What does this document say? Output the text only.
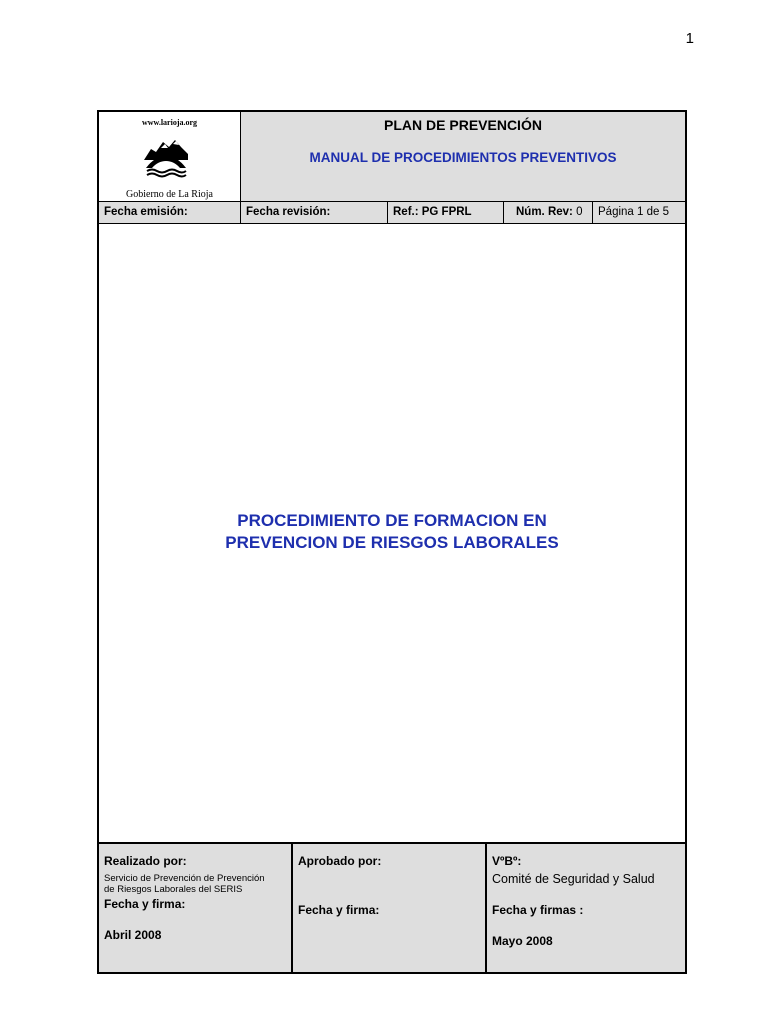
1
www.larioja.org
Gobierno de La Rioja
PLAN DE PREVENCIÓN
MANUAL DE PROCEDIMIENTOS PREVENTIVOS
Fecha emisión:	Fecha revisión:	Ref.: PG FPRL	Núm. Rev: 0	Página 1 de 5
PROCEDIMIENTO DE FORMACION EN
PREVENCION DE RIESGOS LABORALES
Realizado por:
Servicio de Prevención de Prevención
de Riesgos Laborales del SERIS
Fecha y firma:
Abril 2008
Aprobado por:
Fecha y firma:
VºBº:
Comité de Seguridad y Salud
Fecha y firmas :
Mayo 2008
